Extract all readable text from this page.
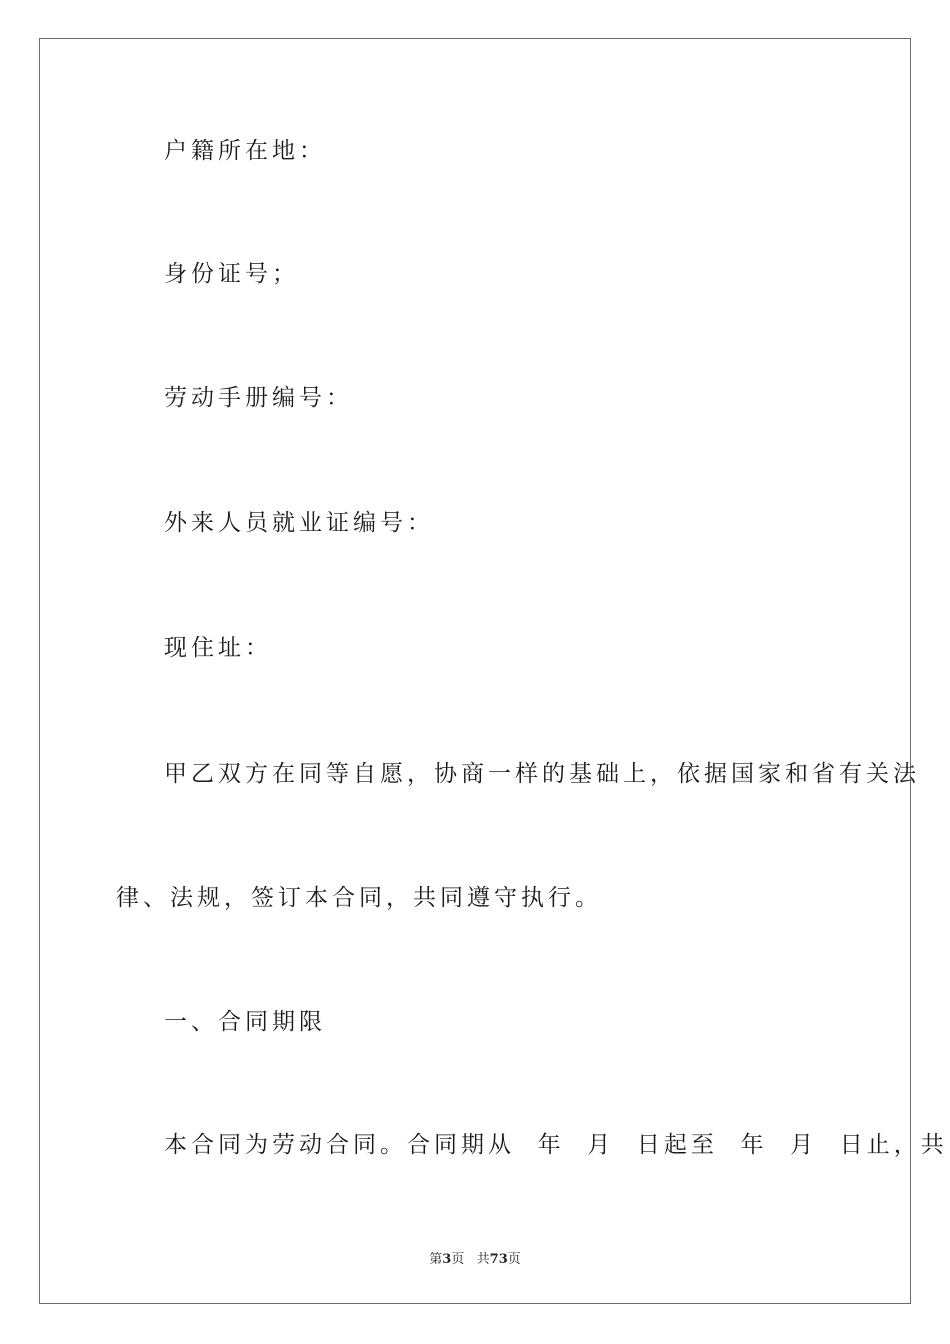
户籍所在地：
身份证号；
劳动手册编号：
外来人员就业证编号：
现住址：
甲乙双方在同等自愿，协商一样的基础上，依据国家和省有关法
律、法规，签订本合同，共同遵守执行。
一、合同期限
本合同为劳动合同。合同期从  年  月  日起至  年  月  日止，共
第3页   共73页
